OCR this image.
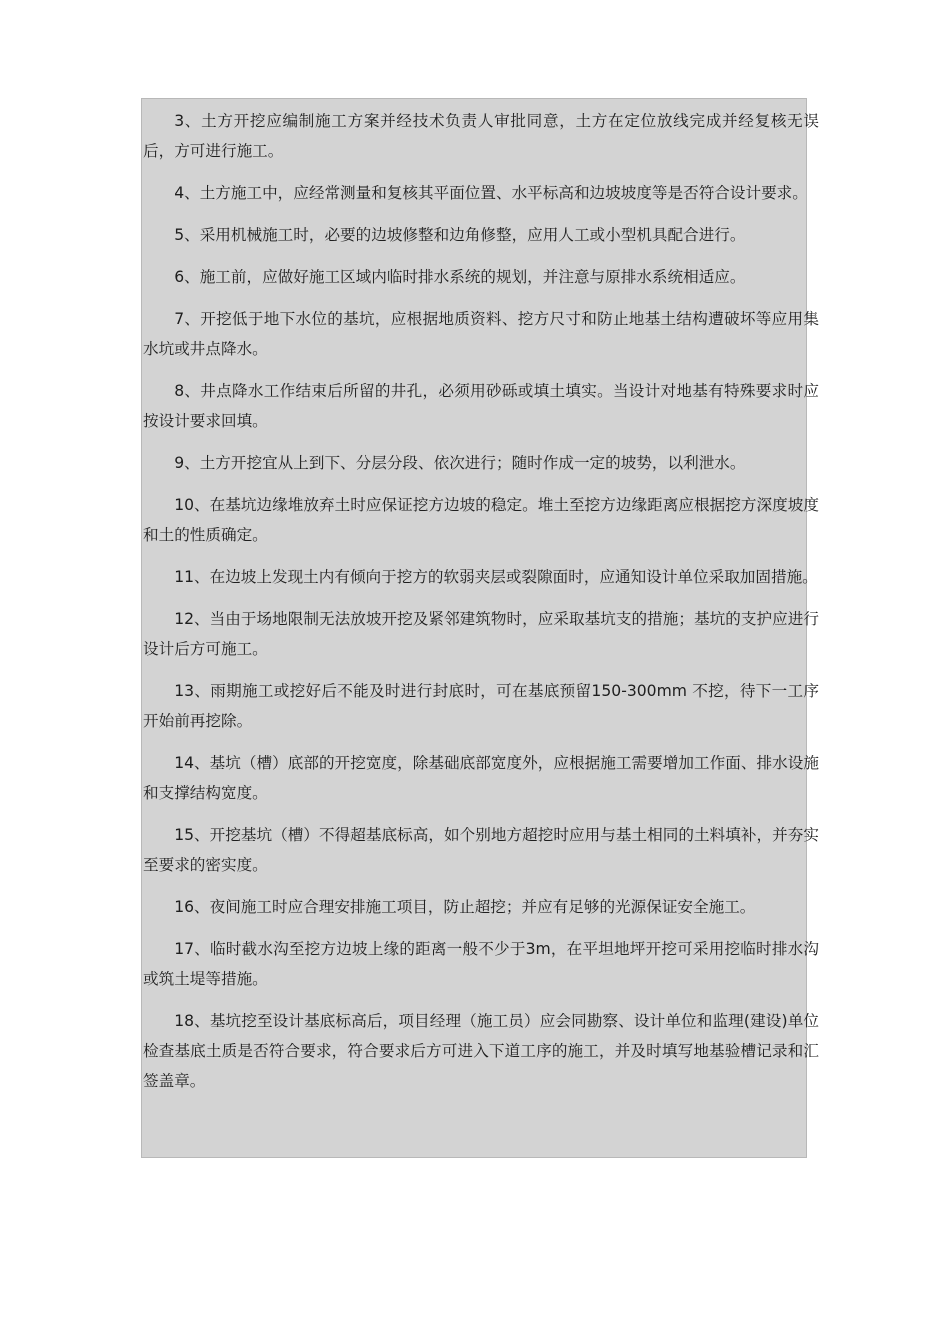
3、土方开挖应编制施工方案并经技术负责人审批同意，土方在定位放线完成并经复核无误后，方可进行施工。

4、土方施工中，应经常测量和复核其平面位置、水平标高和边坡坡度等是否符合设计要求。

5、采用机械施工时，必要的边坡修整和边角修整，应用人工或小型机具配合进行。

6、施工前，应做好施工区域内临时排水系统的规划，并注意与原排水系统相适应。

7、开挖低于地下水位的基坑，应根据地质资料、挖方尺寸和防止地基土结构遭破坏等应用集水坑或井点降水。

8、井点降水工作结束后所留的井孔，必须用砂砾或填土填实。当设计对地基有特殊要求时应按设计要求回填。

9、土方开挖宜从上到下、分层分段、依次进行；随时作成一定的坡势，以利泄水。

10、在基坑边缘堆放弃土时应保证挖方边坡的稳定。堆土至挖方边缘距离应根据挖方深度坡度和土的性质确定。

11、在边坡上发现土内有倾向于挖方的软弱夹层或裂隙面时，应通知设计单位采取加固措施。

12、当由于场地限制无法放坡开挖及紧邻建筑物时，应采取基坑支的措施；基坑的支护应进行设计后方可施工。

13、雨期施工或挖好后不能及时进行封底时，可在基底预留150-300mm 不挖，待下一工序开始前再挖除。

14、基坑（槽）底部的开挖宽度，除基础底部宽度外，应根据施工需要增加工作面、排水设施和支撑结构宽度。

15、开挖基坑（槽）不得超基底标高，如个别地方超挖时应用与基土相同的土料填补，并夯实至要求的密实度。

16、夜间施工时应合理安排施工项目，防止超挖；并应有足够的光源保证安全施工。

17、临时截水沟至挖方边坡上缘的距离一般不少于3m，在平坦地坪开挖可采用挖临时排水沟或筑土堤等措施。

18、基坑挖至设计基底标高后，项目经理（施工员）应会同勘察、设计单位和监理(建设)单位检查基底土质是否符合要求，符合要求后方可进入下道工序的施工，并及时填写地基验槽记录和汇签盖章。
